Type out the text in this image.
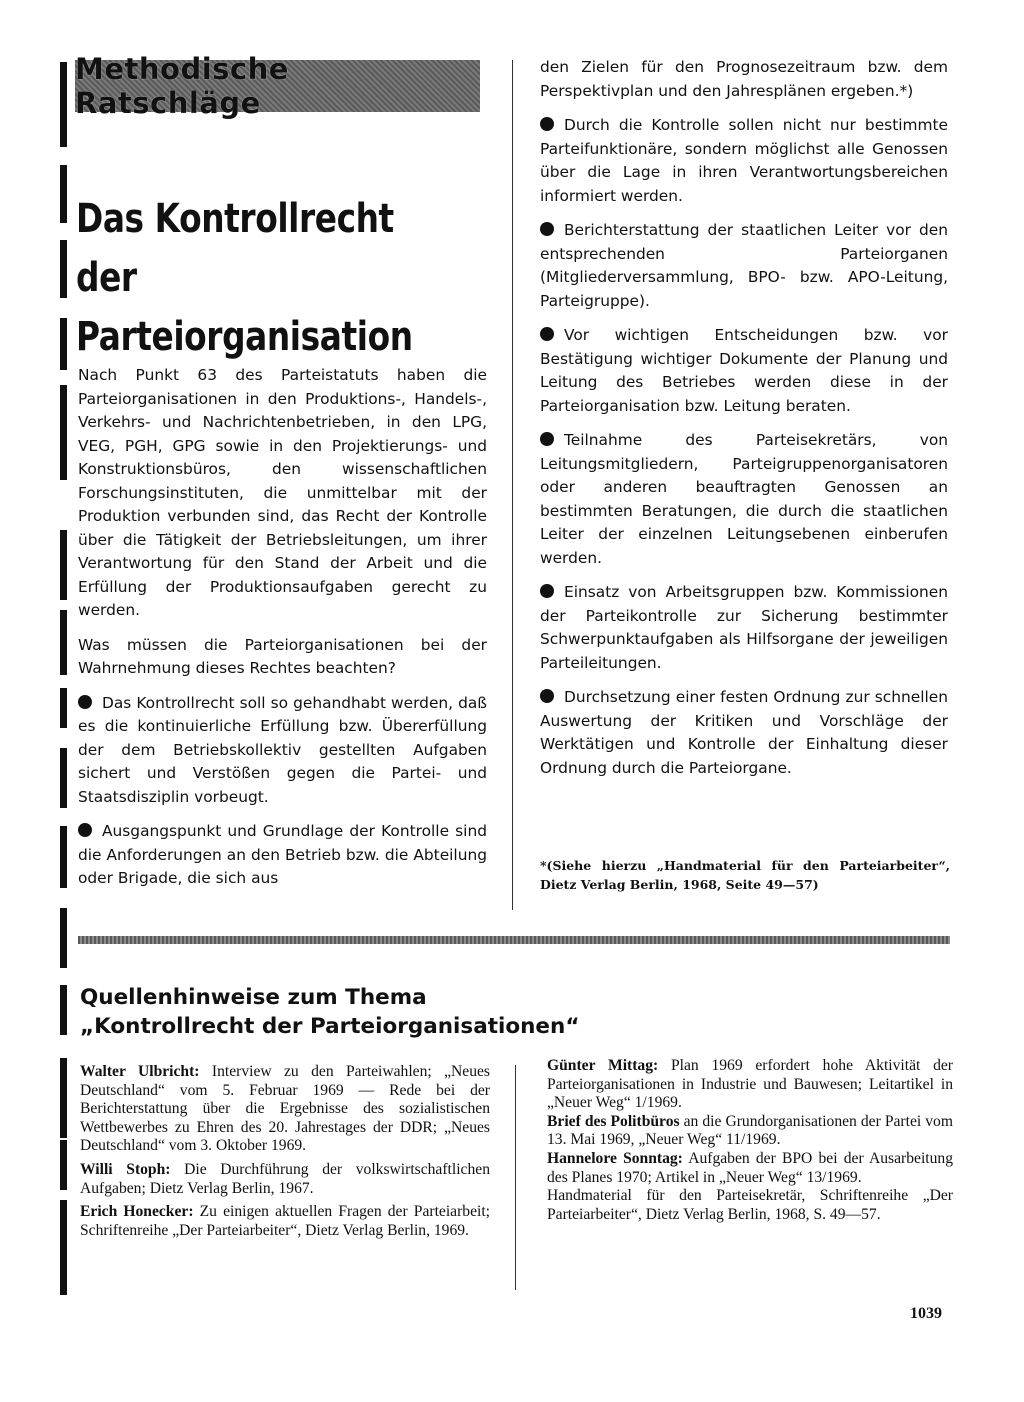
Methodische Ratschläge
Das Kontrollrecht
der Parteiorganisation

Nach Punkt 63 des Parteistatuts haben die Parteiorganisationen in den Produktions-, Handels-, Verkehrs- und Nachrichtenbetrieben, in den LPG, VEG, PGH, GPG sowie in den Projektierungs- und Konstruktionsbüros, den wissenschaftlichen Forschungsinstituten, die unmittelbar mit der Produktion verbunden sind, das Recht der Kontrolle über die Tätigkeit der Betriebsleitungen, um ihrer Verantwortung für den Stand der Arbeit und die Erfüllung der Produktionsaufgaben gerecht zu werden.

Was müssen die Parteiorganisationen bei der Wahrnehmung dieses Rechtes beachten?

Das Kontrollrecht soll so gehandhabt werden, daß es die kontinuierliche Erfüllung bzw. Übererfüllung der dem Betriebskollektiv gestellten Aufgaben sichert und Verstößen gegen die Partei- und Staatsdisziplin vorbeugt.

Ausgangspunkt und Grundlage der Kontrolle sind die Anforderungen an den Betrieb bzw. die Abteilung oder Brigade, die sich aus

den Zielen für den Prognosezeitraum bzw. dem Perspektivplan und den Jahresplänen ergeben.*)

Durch die Kontrolle sollen nicht nur bestimmte Parteifunktionäre, sondern möglichst alle Genossen über die Lage in ihren Verantwortungsbereichen informiert werden.

Berichterstattung der staatlichen Leiter vor den entsprechenden Parteiorganen (Mitgliederversammlung, BPO- bzw. APO-Leitung, Parteigruppe).

Vor wichtigen Entscheidungen bzw. vor Bestätigung wichtiger Dokumente der Planung und Leitung des Betriebes werden diese in der Parteiorganisation bzw. Leitung beraten.

Teilnahme des Parteisekretärs, von Leitungsmitgliedern, Parteigruppenorganisatoren oder anderen beauftragten Genossen an bestimmten Beratungen, die durch die staatlichen Leiter der einzelnen Leitungsebenen einberufen werden.

Einsatz von Arbeitsgruppen bzw. Kommissionen der Parteikontrolle zur Sicherung bestimmter Schwerpunktaufgaben als Hilfsorgane der jeweiligen Parteileitungen.

Durchsetzung einer festen Ordnung zur schnellen Auswertung der Kritiken und Vorschläge der Werktätigen und Kontrolle der Einhaltung dieser Ordnung durch die Parteiorgane.

*(Siehe hierzu „Handmaterial für den Parteiarbeiter“, Dietz Verlag Berlin, 1968, Seite 49—57)
Quellenhinweise zum Thema
„Kontrollrecht der Parteiorganisationen“

Walter Ulbricht: Interview zu den Parteiwahlen; „Neues Deutschland“ vom 5. Februar 1969 — Rede bei der Berichterstattung über die Ergebnisse des sozialistischen Wettbewerbes zu Ehren des 20. Jahrestages der DDR; „Neues Deutschland“ vom 3. Oktober 1969.

Willi Stoph: Die Durchführung der volkswirtschaftlichen Aufgaben; Dietz Verlag Berlin, 1967.

Erich Honecker: Zu einigen aktuellen Fragen der Parteiarbeit; Schriftenreihe „Der Parteiarbeiter“, Dietz Verlag Berlin, 1969.

Günter Mittag: Plan 1969 erfordert hohe Aktivität der Parteiorganisationen in Industrie und Bauwesen; Leitartikel in „Neuer Weg“ 1/1969.

Brief des Politbüros an die Grundorganisationen der Partei vom 13. Mai 1969, „Neuer Weg“ 11/1969.

Hannelore Sonntag: Aufgaben der BPO bei der Ausarbeitung des Planes 1970; Artikel in „Neuer Weg“ 13/1969.

Handmaterial für den Parteisekretär, Schriftenreihe „Der Parteiarbeiter“, Dietz Verlag Berlin, 1968, S. 49—57.

1039
